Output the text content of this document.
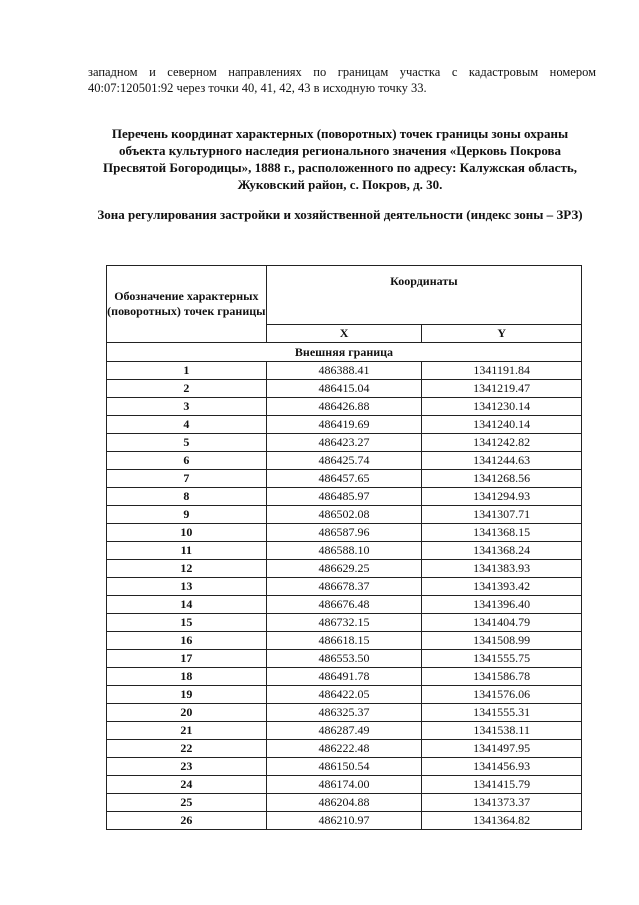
западном и северном направлениях по границам участка с кадастровым номером 40:07:120501:92 через точки 40, 41, 42, 43 в исходную точку 33.
Перечень координат характерных (поворотных) точек границы зоны охраны объекта культурного наследия регионального значения «Церковь Покрова Пресвятой Богородицы», 1888 г., расположенного по адресу: Калужская область, Жуковский район, с. Покров, д. 30.
Зона регулирования застройки и хозяйственной деятельности (индекс зоны – ЗРЗ)
Обозначение характерных (поворотных) точек границы	Координаты	
	X	Y
Внешняя граница		
1	486388.41	1341191.84
2	486415.04	1341219.47
3	486426.88	1341230.14
4	486419.69	1341240.14
5	486423.27	1341242.82
6	486425.74	1341244.63
7	486457.65	1341268.56
8	486485.97	1341294.93
9	486502.08	1341307.71
10	486587.96	1341368.15
11	486588.10	1341368.24
12	486629.25	1341383.93
13	486678.37	1341393.42
14	486676.48	1341396.40
15	486732.15	1341404.79
16	486618.15	1341508.99
17	486553.50	1341555.75
18	486491.78	1341586.78
19	486422.05	1341576.06
20	486325.37	1341555.31
21	486287.49	1341538.11
22	486222.48	1341497.95
23	486150.54	1341456.93
24	486174.00	1341415.79
25	486204.88	1341373.37
26	486210.97	1341364.82
